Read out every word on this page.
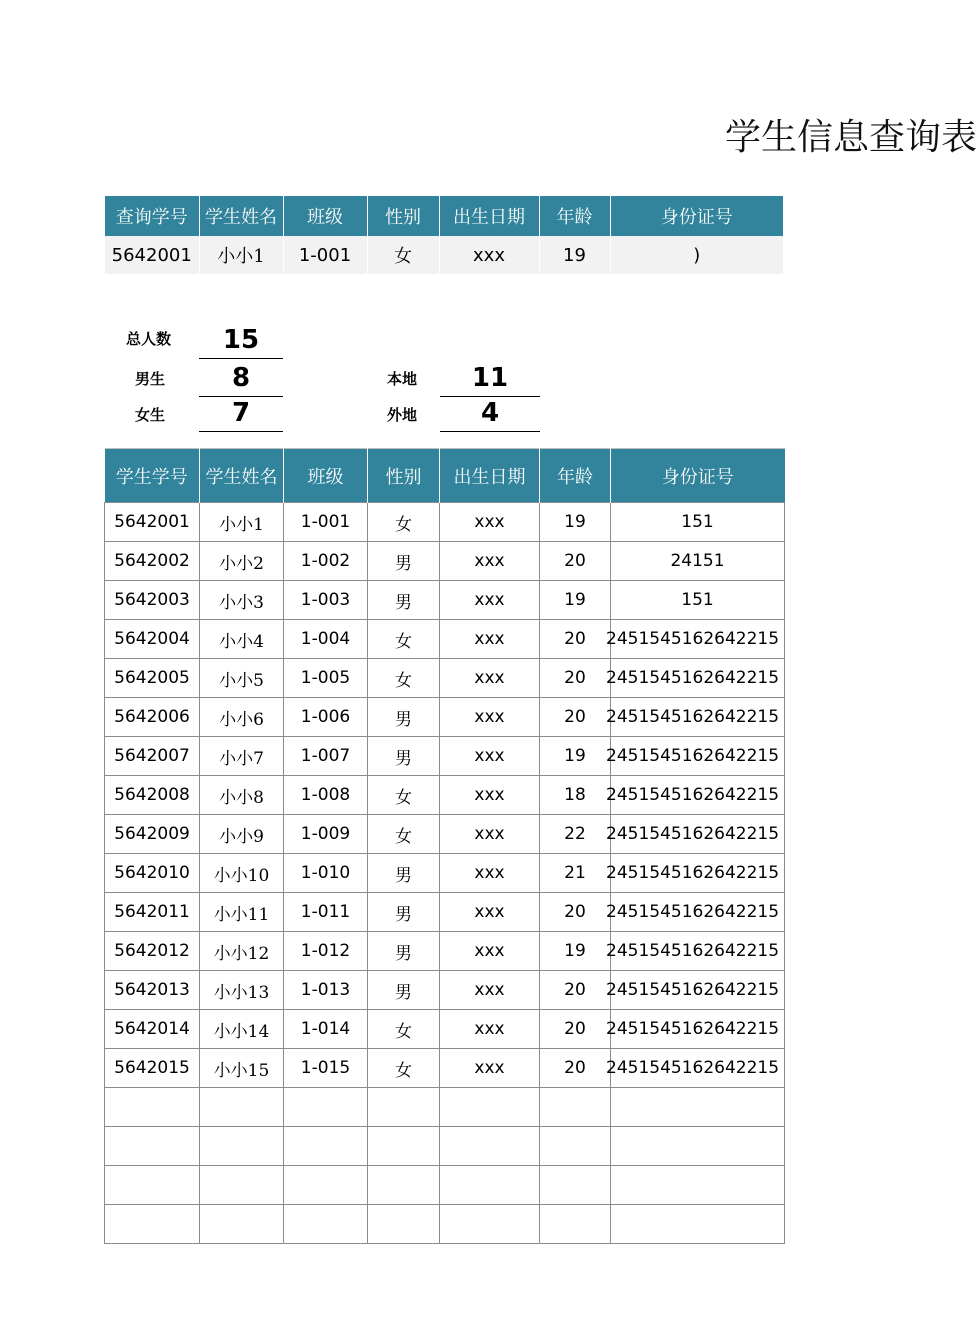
学生信息查询表
查询学号	学生姓名	班级	性别	出生日期	年龄	身份证号
5642001	小小1	1-001	女	xxx	19	)
总人数	15
男生	8
女生	7
本地	11
外地	4
学生学号	学生姓名	班级	性别	出生日期	年龄	身份证号
5642001	小小1	1-001	女	xxx	19	151
5642002	小小2	1-002	男	xxx	20	24151
5642003	小小3	1-003	男	xxx	19	151
5642004	小小4	1-004	女	xxx	20	2451545162642215
5642005	小小5	1-005	女	xxx	20	2451545162642215
5642006	小小6	1-006	男	xxx	20	2451545162642215
5642007	小小7	1-007	男	xxx	19	2451545162642215
5642008	小小8	1-008	女	xxx	18	2451545162642215
5642009	小小9	1-009	女	xxx	22	2451545162642215
5642010	小小10	1-010	男	xxx	21	2451545162642215
5642011	小小11	1-011	男	xxx	20	2451545162642215
5642012	小小12	1-012	男	xxx	19	2451545162642215
5642013	小小13	1-013	男	xxx	20	2451545162642215
5642014	小小14	1-014	女	xxx	20	2451545162642215
5642015	小小15	1-015	女	xxx	20	2451545162642215
